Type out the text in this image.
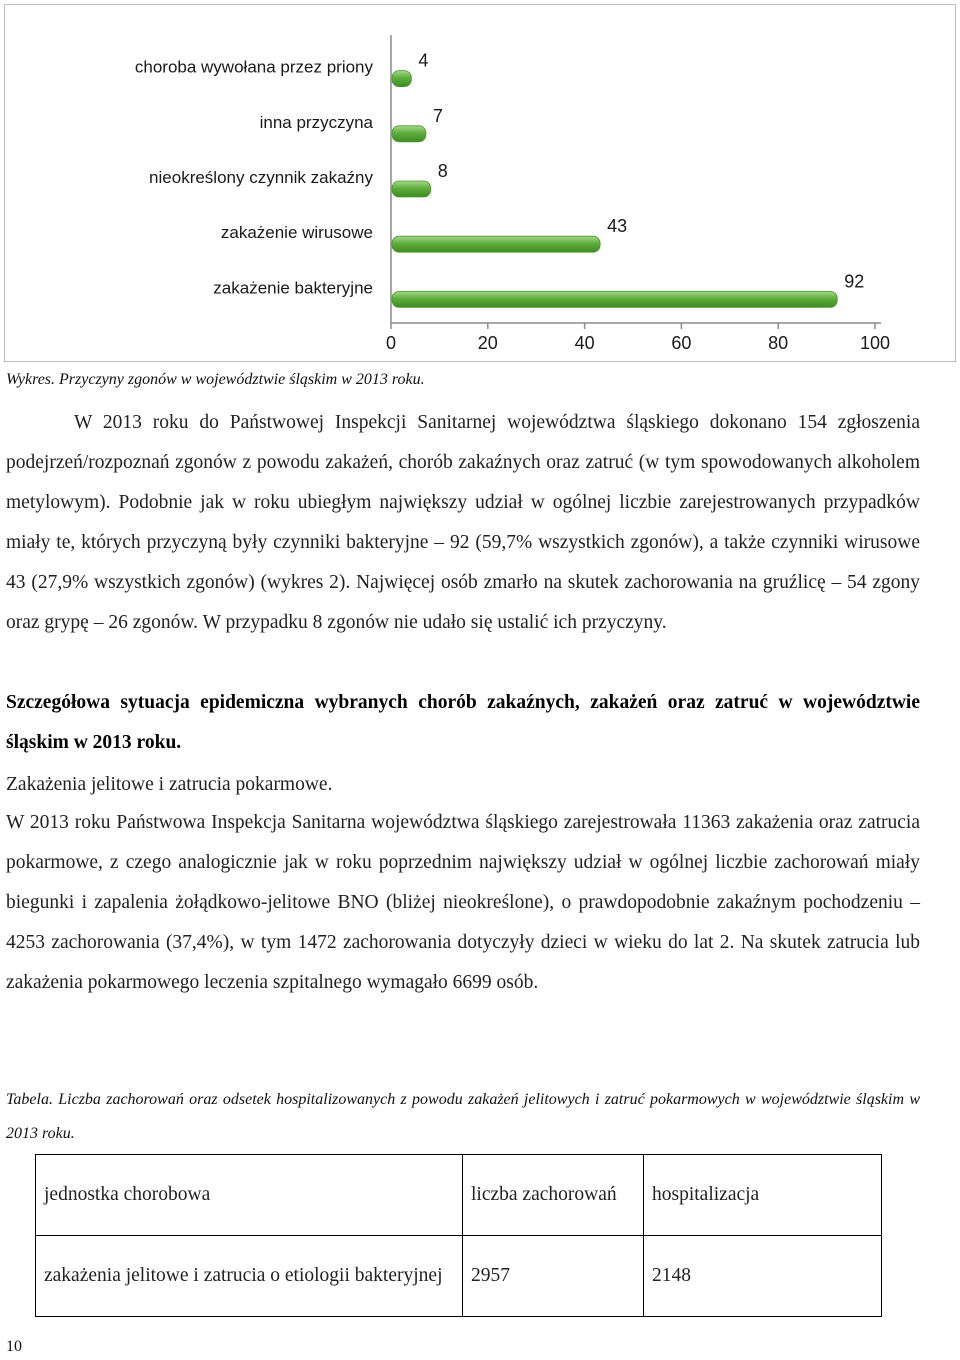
0	20	40	60	80	100
choroba wywołana przez priony	4
inna przyczyna	7
nieokreślony czynnik zakaźny	8
zakażenie wirusowe	43
zakażenie bakteryjne	92
Wykres. Przyczyny zgonów w województwie śląskim w 2013 roku.

W 2013 roku do Państwowej Inspekcji Sanitarnej województwa śląskiego dokonano 154 zgłoszenia podejrzeń/rozpoznań zgonów z powodu zakażeń, chorób zakaźnych oraz zatruć (w tym spowodowanych alkoholem metylowym). Podobnie jak w roku ubiegłym największy udział w ogólnej liczbie zarejestrowanych przypadków miały te, których przyczyną były czynniki bakteryjne – 92 (59,7% wszystkich zgonów), a także czynniki wirusowe 43 (27,9% wszystkich zgonów) (wykres 2). Najwięcej osób zmarło na skutek zachorowania na gruźlicę – 54 zgony oraz grypę – 26 zgonów. W przypadku 8 zgonów nie udało się ustalić ich przyczyny.

Szczegółowa sytuacja epidemiczna wybranych chorób zakaźnych, zakażeń oraz zatruć w województwie śląskim w 2013 roku.

Zakażenia jelitowe i zatrucia pokarmowe.

W 2013 roku Państwowa Inspekcja Sanitarna województwa śląskiego zarejestrowała 11363 zakażenia oraz zatrucia pokarmowe, z czego analogicznie jak w roku poprzednim największy udział w ogólnej liczbie zachorowań miały biegunki i zapalenia żołądkowo-jelitowe BNO (bliżej nieokreślone), o prawdopodobnie zakaźnym pochodzeniu – 4253 zachorowania (37,4%), w tym 1472 zachorowania dotyczyły dzieci w wieku do lat 2. Na skutek zatrucia lub zakażenia pokarmowego leczenia szpitalnego wymagało 6699 osób.

Tabela. Liczba zachorowań oraz odsetek hospitalizowanych z powodu zakażeń jelitowych i zatruć pokarmowych w województwie śląskim w 2013 roku.
jednostka chorobowa	liczba zachorowań	hospitalizacja
zakażenia jelitowe i zatrucia o etiologii bakteryjnej	2957	2148
10
